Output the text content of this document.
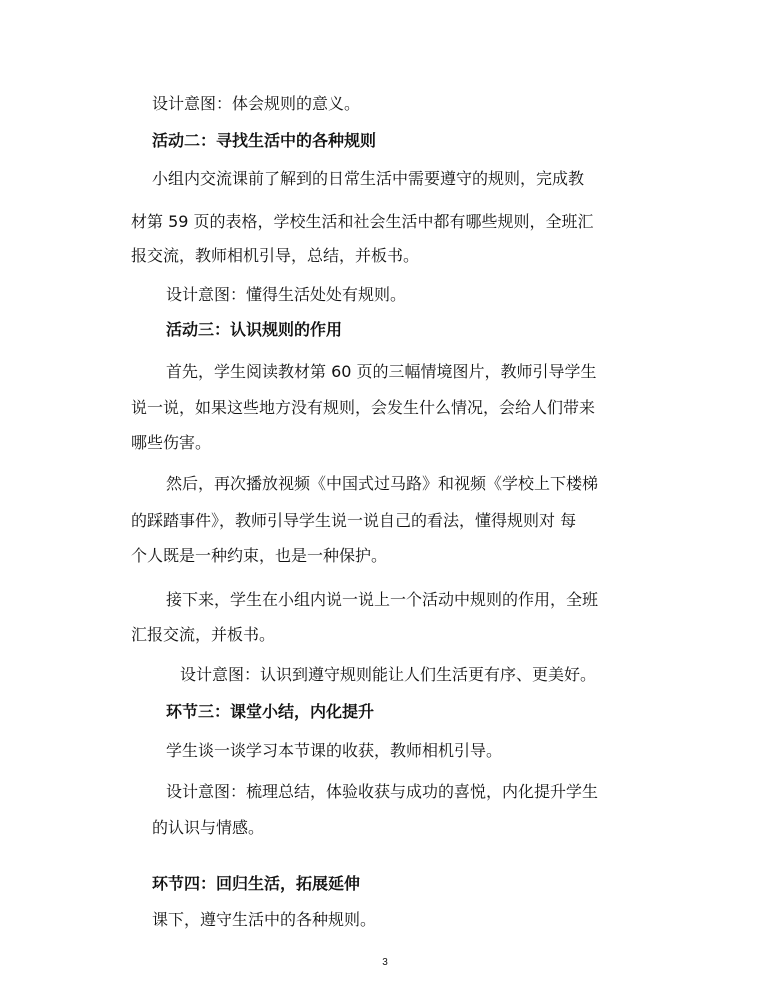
设计意图：体会规则的意义。
活动二：寻找生活中的各种规则
小组内交流课前了解到的日常生活中需要遵守的规则，完成教
材第 59 页的表格，学校生活和社会生活中都有哪些规则，全班汇
报交流，教师相机引导，总结，并板书。
设计意图：懂得生活处处有规则。
活动三：认识规则的作用
首先，学生阅读教材第 60 页的三幅情境图片，教师引导学生
说一说，如果这些地方没有规则，会发生什么情况，会给人们带来
哪些伤害。
然后，再次播放视频《中国式过马路》和视频《学校上下楼梯
的踩踏事件》，教师引导学生说一说自己的看法，懂得规则对 每
个人既是一种约束，也是一种保护。
接下来，学生在小组内说一说上一个活动中规则的作用，全班
汇报交流，并板书。
设计意图：认识到遵守规则能让人们生活更有序、更美好。
环节三：课堂小结，内化提升
学生谈一谈学习本节课的收获，教师相机引导。
设计意图：梳理总结，体验收获与成功的喜悦，内化提升学生
的认识与情感。
环节四：回归生活，拓展延伸
课下，遵守生活中的各种规则。
3
